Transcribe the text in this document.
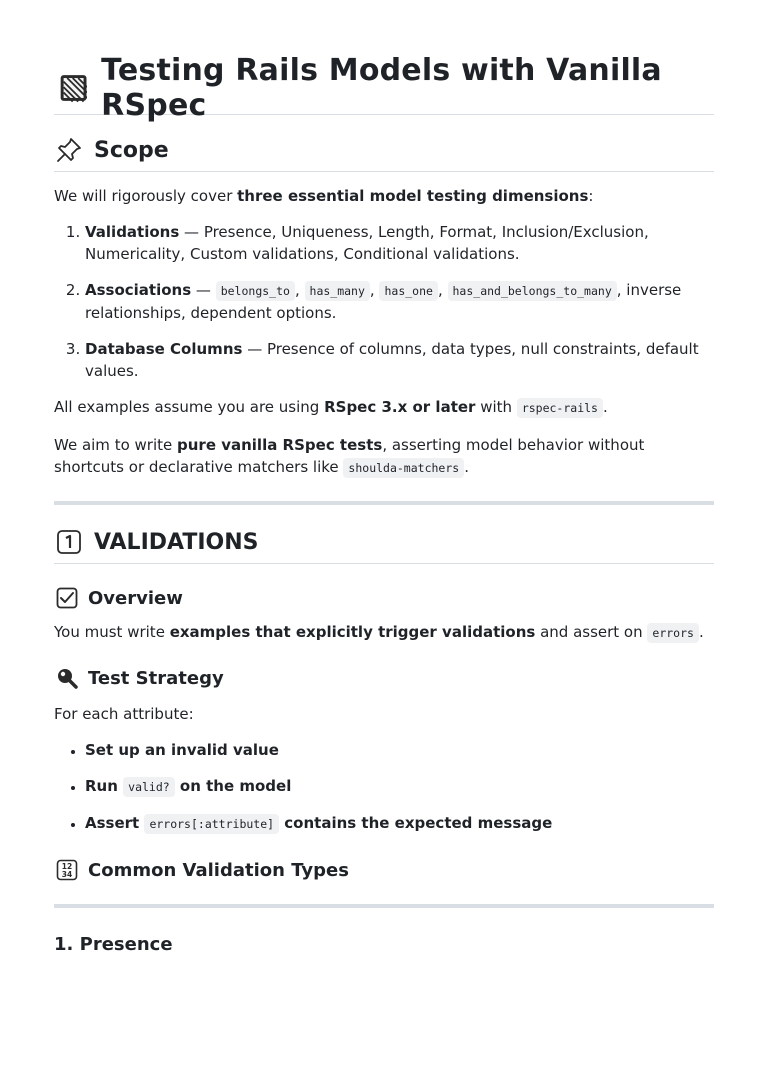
Testing Rails Models with Vanilla RSpec
Scope

We will rigorously cover three essential model testing dimensions:

1. Validations — Presence, Uniqueness, Length, Format, Inclusion/Exclusion, Numericality, Custom validations, Conditional validations.
2. Associations — belongs_to , has_many , has_one , has_and_belongs_to_many , inverse relationships, dependent options.
3. Database Columns — Presence of columns, data types, null constraints, default values.

All examples assume you are using RSpec 3.x or later with rspec-rails .

We aim to write pure vanilla RSpec tests, asserting model behavior without shortcuts or declarative matchers like shoulda-matchers .

VALIDATIONS
Overview

You must write examples that explicitly trigger validations and assert on errors .

Test Strategy

For each attribute:

• Set up an invalid value
• Run valid? on the model
• Assert errors[:attribute] contains the expected message
12
34 Common Validation Types
1. Presence
